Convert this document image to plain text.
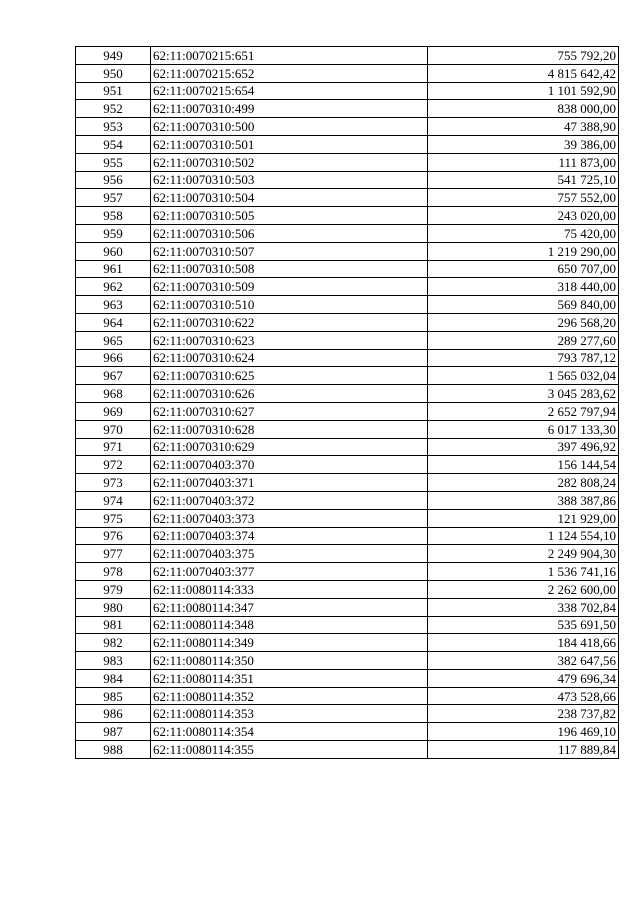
949	62:11:0070215:651	755 792,20
950	62:11:0070215:652	4 815 642,42
951	62:11:0070215:654	1 101 592,90
952	62:11:0070310:499	838 000,00
953	62:11:0070310:500	47 388,90
954	62:11:0070310:501	39 386,00
955	62:11:0070310:502	111 873,00
956	62:11:0070310:503	541 725,10
957	62:11:0070310:504	757 552,00
958	62:11:0070310:505	243 020,00
959	62:11:0070310:506	75 420,00
960	62:11:0070310:507	1 219 290,00
961	62:11:0070310:508	650 707,00
962	62:11:0070310:509	318 440,00
963	62:11:0070310:510	569 840,00
964	62:11:0070310:622	296 568,20
965	62:11:0070310:623	289 277,60
966	62:11:0070310:624	793 787,12
967	62:11:0070310:625	1 565 032,04
968	62:11:0070310:626	3 045 283,62
969	62:11:0070310:627	2 652 797,94
970	62:11:0070310:628	6 017 133,30
971	62:11:0070310:629	397 496,92
972	62:11:0070403:370	156 144,54
973	62:11:0070403:371	282 808,24
974	62:11:0070403:372	388 387,86
975	62:11:0070403:373	121 929,00
976	62:11:0070403:374	1 124 554,10
977	62:11:0070403:375	2 249 904,30
978	62:11:0070403:377	1 536 741,16
979	62:11:0080114:333	2 262 600,00
980	62:11:0080114:347	338 702,84
981	62:11:0080114:348	535 691,50
982	62:11:0080114:349	184 418,66
983	62:11:0080114:350	382 647,56
984	62:11:0080114:351	479 696,34
985	62:11:0080114:352	473 528,66
986	62:11:0080114:353	238 737,82
987	62:11:0080114:354	196 469,10
988	62:11:0080114:355	117 889,84
